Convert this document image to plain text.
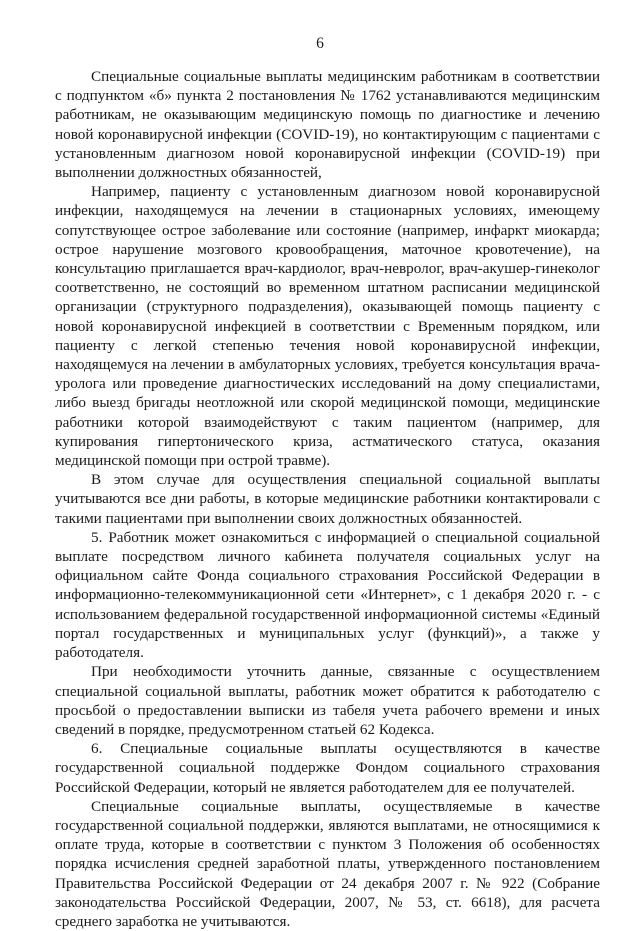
6

Специальные социальные выплаты медицинским работникам в соответствии с подпунктом «б» пункта 2 постановления № 1762 устанавливаются медицинским работникам, не оказывающим медицинскую помощь по диагностике и лечению новой коронавирусной инфекции (COVID-19), но контактирующим с пациентами с установленным диагнозом новой коронавирусной инфекции (COVID-19) при выполнении должностных обязанностей,

Например, пациенту с установленным диагнозом новой коронавирусной инфекции, находящемуся на лечении в стационарных условиях, имеющему сопутствующее острое заболевание или состояние (например, инфаркт миокарда; острое нарушение мозгового кровообращения, маточное кровотечение), на консультацию приглашается врач-кардиолог, врач-невролог, врач-акушер-гинеколог соответственно, не состоящий во временном штатном расписании медицинской организации (структурного подразделения), оказывающей помощь пациенту с новой коронавирусной инфекцией в соответствии с Временным порядком, или пациенту с легкой степенью течения новой коронавирусной инфекции, находящемуся на лечении в амбулаторных условиях, требуется консультация врача-уролога или проведение диагностических исследований на дому специалистами, либо выезд бригады неотложной или скорой медицинской помощи, медицинские работники которой взаимодействуют с таким пациентом (например, для купирования гипертонического криза, астматического статуса, оказания медицинской помощи при острой травме).

В этом случае для осуществления специальной социальной выплаты учитываются все дни работы, в которые медицинские работники контактировали с такими пациентами при выполнении своих должностных обязанностей.

5. Работник может ознакомиться с информацией о специальной социальной выплате посредством личного кабинета получателя социальных услуг на официальном сайте Фонда социального страхования Российской Федерации в информационно-телекоммуникационной сети «Интернет», с 1 декабря 2020 г. - с использованием федеральной государственной информационной системы «Единый портал государственных и муниципальных услуг (функций)», а также у работодателя.

При необходимости уточнить данные, связанные с осуществлением специальной социальной выплаты, работник может обратится к работодателю с просьбой о предоставлении выписки из табеля учета рабочего времени и иных сведений в порядке, предусмотренном статьей 62 Кодекса.

6. Специальные социальные выплаты осуществляются в качестве государственной социальной поддержке Фондом социального страхования Российской Федерации, который не является работодателем для ее получателей.

Специальные социальные выплаты, осуществляемые в качестве государственной социальной поддержки, являются выплатами, не относящимися к оплате труда, которые в соответствии с пунктом 3 Положения об особенностях порядка исчисления средней заработной платы, утвержденного постановлением Правительства Российской Федерации от 24 декабря 2007 г. № 922 (Собрание законодательства Российской Федерации, 2007, № 53, ст. 6618), для расчета среднего заработка не учитываются.
